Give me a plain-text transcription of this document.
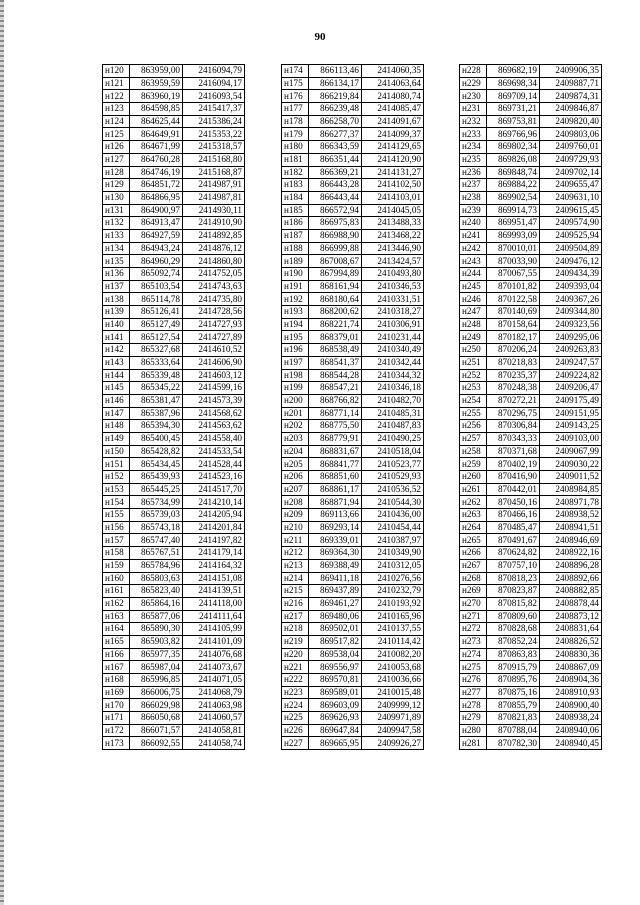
90
н120	863959,00	2416094,79
н121	863959,59	2416094,17
н122	863960,19	2416093,54
н123	864598,85	2415417,37
н124	864625,44	2415386,24
н125	864649,91	2415353,22
н126	864671,99	2415318,57
н127	864760,28	2415168,80
н128	864746,19	2415168,87
н129	864851,72	2414987,91
н130	864866,95	2414987,81
н131	864900,97	2414930,11
н132	864913,47	2414910,90
н133	864927,59	2414892,85
н134	864943,24	2414876,12
н135	864960,29	2414860,80
н136	865092,74	2414752,05
н137	865103,54	2414743,63
н138	865114,78	2414735,80
н139	865126,41	2414728,56
н140	865127,49	2414727,93
н141	865127,54	2414727,89
н142	865327,68	2414610,52
н143	865333,64	2414606,90
н144	865339,48	2414603,12
н145	865345,22	2414599,16
н146	865381,47	2414573,39
н147	865387,96	2414568,62
н148	865394,30	2414563,62
н149	865400,45	2414558,40
н150	865428,82	2414533,54
н151	865434,45	2414528,44
н152	865439,93	2414523,16
н153	865445,25	2414517,70
н154	865734,99	2414210,14
н155	865739,03	2414205,94
н156	865743,18	2414201,84
н157	865747,40	2414197,82
н158	865767,51	2414179,14
н159	865784,96	2414164,32
н160	865803,63	2414151,08
н161	865823,40	2414139,51
н162	865864,16	2414118,00
н163	865877,06	2414111,64
н164	865890,30	2414105,99
н165	865903,82	2414101,09
н166	865977,35	2414076,68
н167	865987,04	2414073,67
н168	865996,85	2414071,05
н169	866006,75	2414068,79
н170	866029,98	2414063,98
н171	866050,68	2414060,57
н172	866071,57	2414058,81
н173	866092,55	2414058,74
н174	866113,46	2414060,35
н175	866134,17	2414063,64
н176	866219,84	2414080,74
н177	866239,48	2414085,47
н178	866258,70	2414091,67
н179	866277,37	2414099,37
н180	866343,59	2414129,65
н181	866351,44	2414120,90
н182	866369,21	2414131,27
н183	866443,28	2414102,50
н184	866443,44	2414103,01
н185	866572,94	2414045,05
н186	866975,83	2413488,33
н187	866988,90	2413468,22
н188	866999,88	2413446,90
н189	867008,67	2413424,57
н190	867994,89	2410493,80
н191	868161,94	2410346,53
н192	868180,64	2410331,51
н193	868200,62	2410318,27
н194	868221,74	2410306,91
н195	868379,01	2410231,44
н196	868538,49	2410340,49
н197	868541,37	2410342,44
н198	868544,28	2410344,32
н199	868547,21	2410346,18
н200	868766,82	2410482,70
н201	868771,14	2410485,31
н202	868775,50	2410487,83
н203	868779,91	2410490,25
н204	868831,67	2410518,04
н205	868841,77	2410523,77
н206	868851,60	2410529,93
н207	868861,17	2410536,52
н208	868871,94	2410544,30
н209	869113,66	2410436,00
н210	869293,14	2410454,44
н211	869339,01	2410387,97
н212	869364,30	2410349,90
н213	869388,49	2410312,05
н214	869411,18	2410276,56
н215	869437,89	2410232,79
н216	869461,27	2410193,92
н217	869480,06	2410165,96
н218	869502,01	2410137,55
н219	869517,82	2410114,42
н220	869538,04	2410082,20
н221	869556,97	2410053,68
н222	869570,81	2410036,66
н223	869589,01	2410015,48
н224	869603,09	2409999,12
н225	869626,93	2409971,89
н226	869647,84	2409947,58
н227	869665,95	2409926,27
н228	869682,19	2409906,35
н229	869698,34	2409887,71
н230	869709,14	2409874,31
н231	869731,21	2409846,87
н232	869753,81	2409820,40
н233	869766,96	2409803,06
н234	869802,34	2409760,01
н235	869826,08	2409729,93
н236	869848,74	2409702,14
н237	869884,22	2409655,47
н238	869902,54	2409631,10
н239	869914,73	2409615,45
н240	869951,47	2409574,90
н241	869993,09	2409525,94
н242	870010,01	2409504,89
н243	870033,90	2409476,12
н244	870067,55	2409434,39
н245	870101,82	2409393,04
н246	870122,58	2409367,26
н247	870140,69	2409344,80
н248	870158,64	2409323,56
н249	870182,17	2409295,06
н250	870206,24	2409263,83
н251	870218,83	2409247,57
н252	870235,37	2409224,82
н253	870248,38	2409206,47
н254	870272,21	2409175,49
н255	870296,75	2409151,95
н256	870306,84	2409143,25
н257	870343,33	2409103,00
н258	870371,68	2409067,99
н259	870402,19	2409030,22
н260	870416,90	2409011,52
н261	870442,01	2408984,85
н262	870450,16	2408971,78
н263	870466,16	2408938,52
н264	870485,47	2408941,51
н265	870491,67	2408946,69
н266	870624,82	2408922,16
н267	870757,10	2408896,28
н268	870818,23	2408892,66
н269	870823,87	2408882,85
н270	870815,82	2408878,44
н271	870809,60	2408873,12
н272	870828,68	2408831,64
н273	870852,24	2408826,52
н274	870863,83	2408830,36
н275	870915,79	2408867,09
н276	870895,76	2408904,36
н277	870875,16	2408910,93
н278	870855,79	2408900,40
н279	870821,83	2408938,24
н280	870788,04	2408940,06
н281	870782,30	2408940,45
